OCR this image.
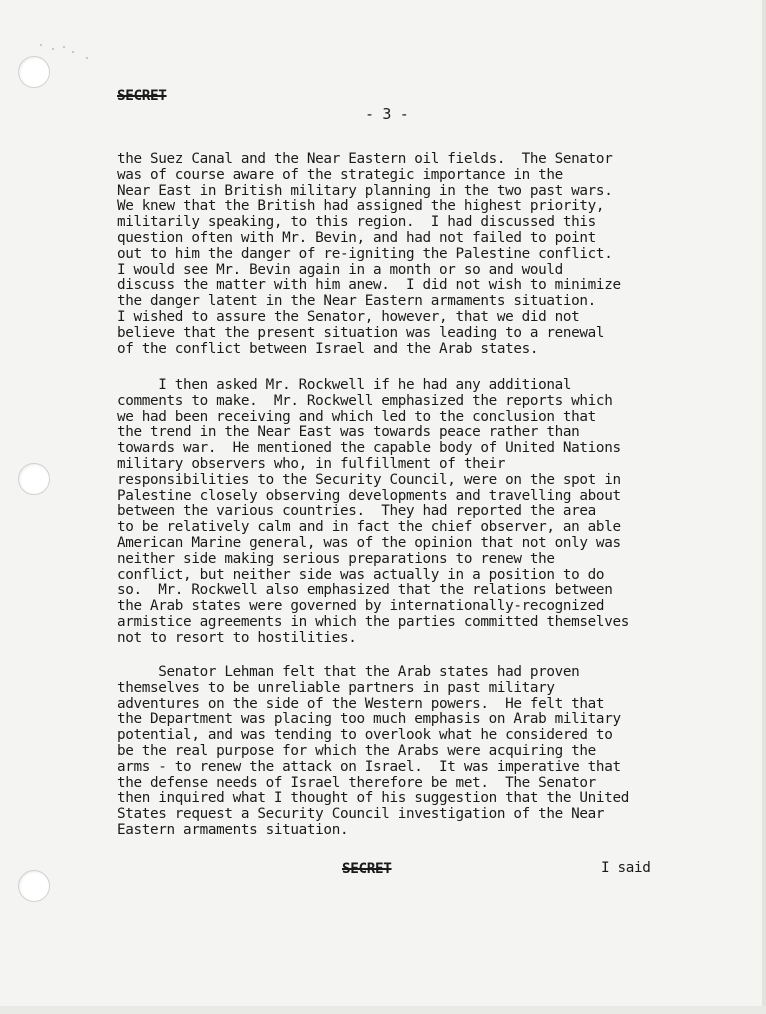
SECRET

- 3 -

the Suez Canal and the Near Eastern oil fields.  The Senator
was of course aware of the strategic importance in the
Near East in British military planning in the two past wars.
We knew that the British had assigned the highest priority,
militarily speaking, to this region.  I had discussed this
question often with Mr. Bevin, and had not failed to point
out to him the danger of re-igniting the Palestine conflict.
I would see Mr. Bevin again in a month or so and would
discuss the matter with him anew.  I did not wish to minimize
the danger latent in the Near Eastern armaments situation.
I wished to assure the Senator, however, that we did not
believe that the present situation was leading to a renewal
of the conflict between Israel and the Arab states.

I then asked Mr. Rockwell if he had any additional
comments to make.  Mr. Rockwell emphasized the reports which
we had been receiving and which led to the conclusion that
the trend in the Near East was towards peace rather than
towards war.  He mentioned the capable body of United Nations
military observers who, in fulfillment of their
responsibilities to the Security Council, were on the spot in
Palestine closely observing developments and travelling about
between the various countries.  They had reported the area
to be relatively calm and in fact the chief observer, an able
American Marine general, was of the opinion that not only was
neither side making serious preparations to renew the
conflict, but neither side was actually in a position to do
so.  Mr. Rockwell also emphasized that the relations between
the Arab states were governed by internationally-recognized
armistice agreements in which the parties committed themselves
not to resort to hostilities.

Senator Lehman felt that the Arab states had proven
themselves to be unreliable partners in past military
adventures on the side of the Western powers.  He felt that
the Department was placing too much emphasis on Arab military
potential, and was tending to overlook what he considered to
be the real purpose for which the Arabs were acquiring the
arms - to renew the attack on Israel.  It was imperative that
the defense needs of Israel therefore be met.  The Senator
then inquired what I thought of his suggestion that the United
States request a Security Council investigation of the Near
Eastern armaments situation.

SECRET	I said
